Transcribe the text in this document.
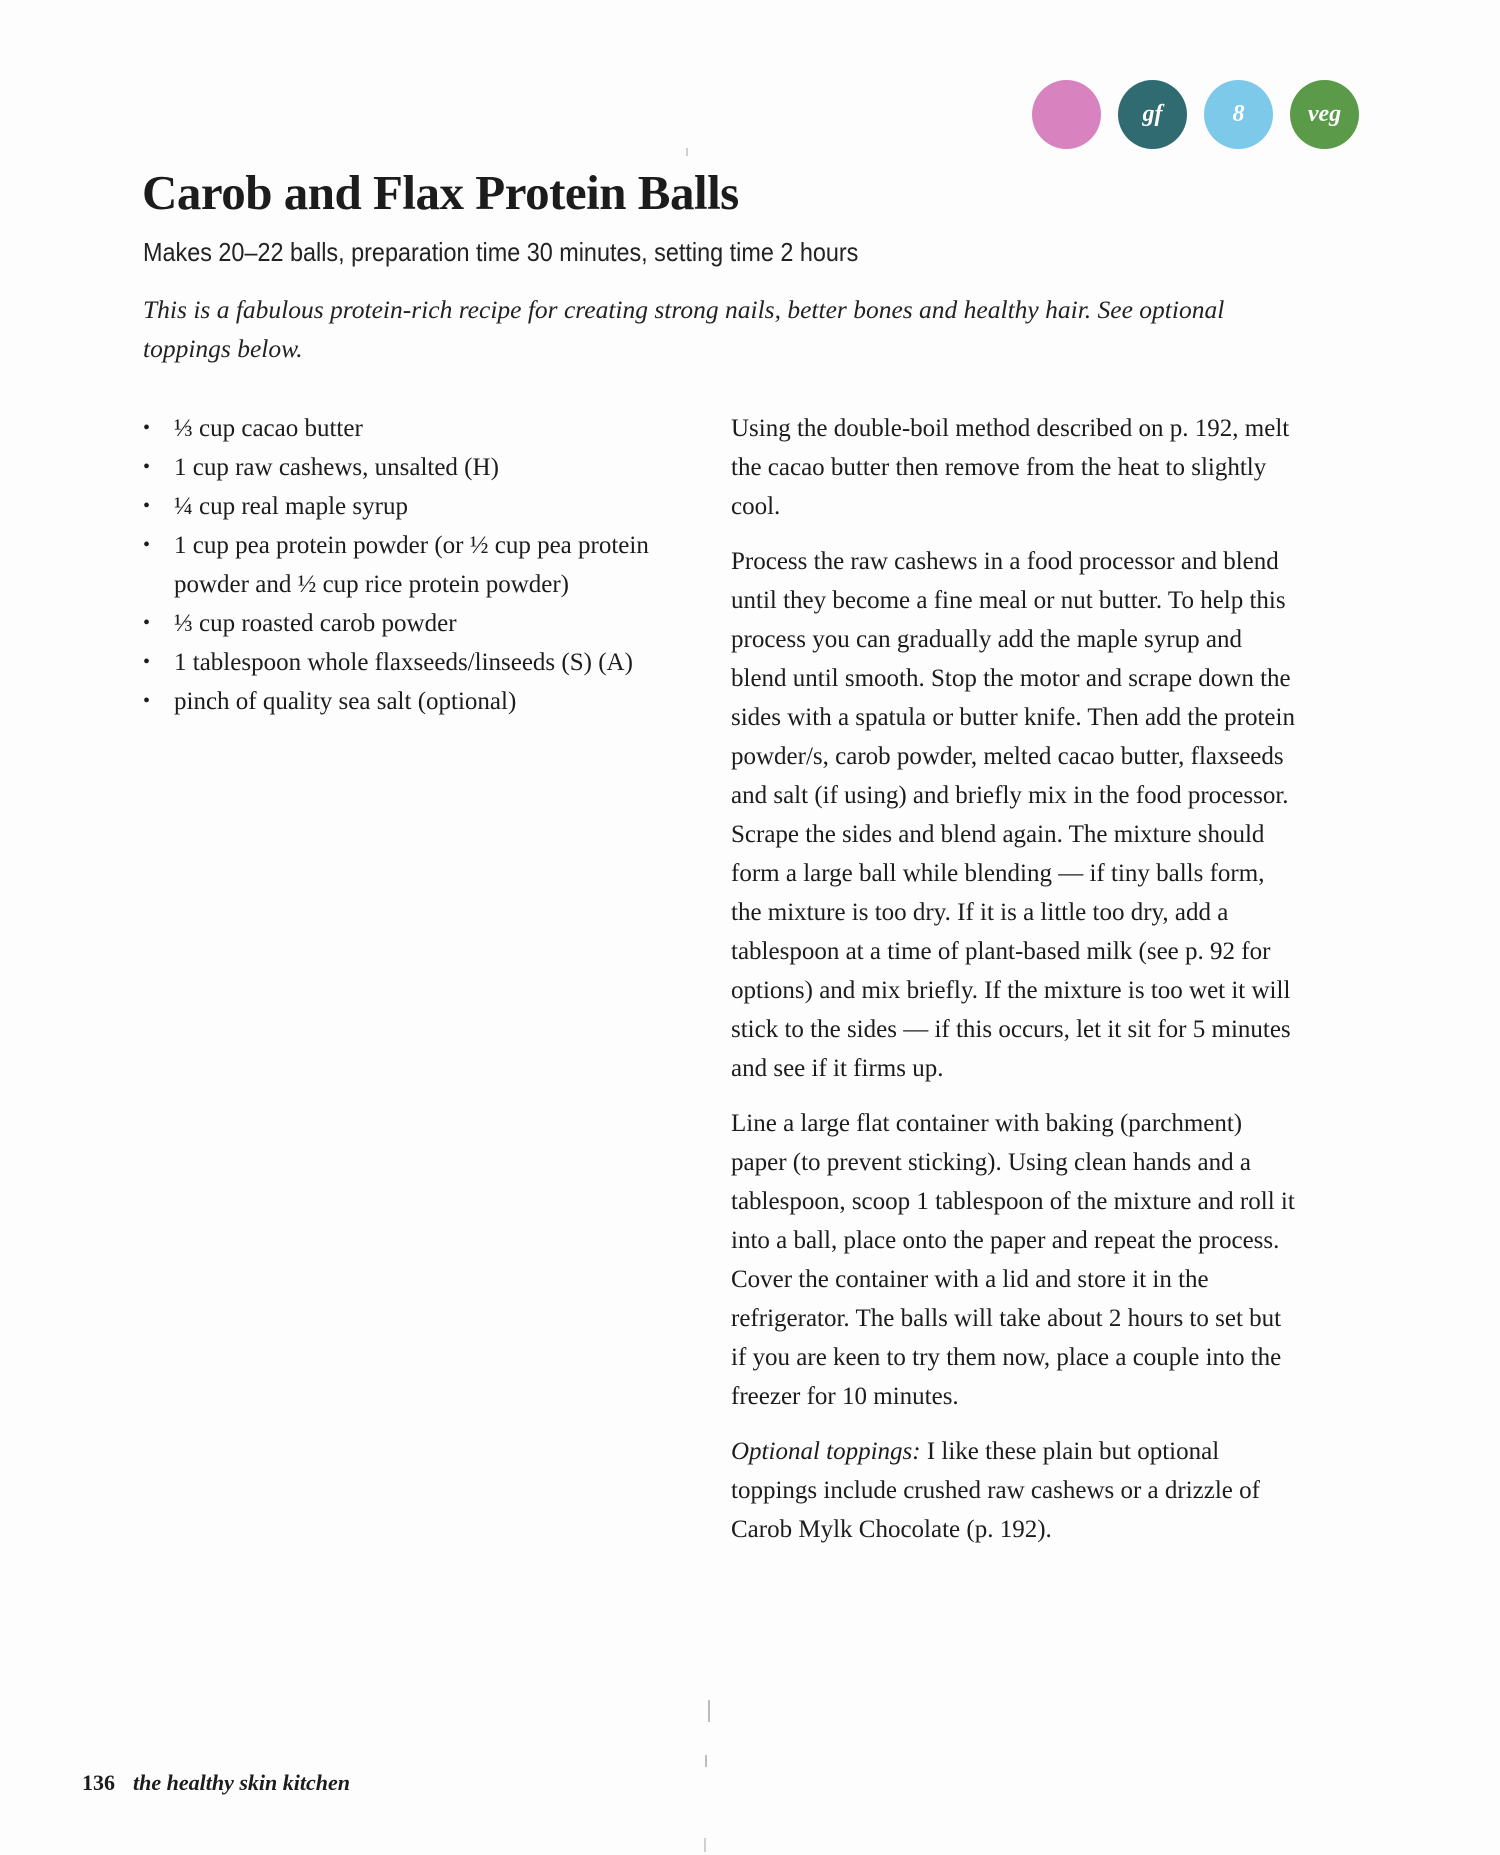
gf	8	veg
Carob and Flax Protein Balls

Makes 20–22 balls, preparation time 30 minutes, setting time 2 hours

This is a fabulous protein-rich recipe for creating strong nails, better bones and healthy hair. See optional toppings below.

• ⅓ cup cacao butter
• 1 cup raw cashews, unsalted (H)
• ¼ cup real maple syrup
• 1 cup pea protein powder (or ½ cup pea protein powder and ½ cup rice protein powder)
• ⅓ cup roasted carob powder
• 1 tablespoon whole flaxseeds/linseeds (S) (A)
• pinch of quality sea salt (optional)

Using the double-boil method described on p. 192, melt the cacao butter then remove from the heat to slightly cool.

Process the raw cashews in a food processor and blend until they become a fine meal or nut butter. To help this process you can gradually add the maple syrup and blend until smooth. Stop the motor and scrape down the sides with a spatula or butter knife. Then add the protein powder/s, carob powder, melted cacao butter, flaxseeds and salt (if using) and briefly mix in the food processor. Scrape the sides and blend again. The mixture should form a large ball while blending — if tiny balls form, the mixture is too dry. If it is a little too dry, add a tablespoon at a time of plant-based milk (see p. 92 for options) and mix briefly. If the mixture is too wet it will stick to the sides — if this occurs, let it sit for 5 minutes and see if it firms up.

Line a large flat container with baking (parchment) paper (to prevent sticking). Using clean hands and a tablespoon, scoop 1 tablespoon of the mixture and roll it into a ball, place onto the paper and repeat the process. Cover the container with a lid and store it in the refrigerator. The balls will take about 2 hours to set but if you are keen to try them now, place a couple into the freezer for 10 minutes.

Optional toppings: I like these plain but optional toppings include crushed raw cashews or a drizzle of Carob Mylk Chocolate (p. 192).

136 the healthy skin kitchen
